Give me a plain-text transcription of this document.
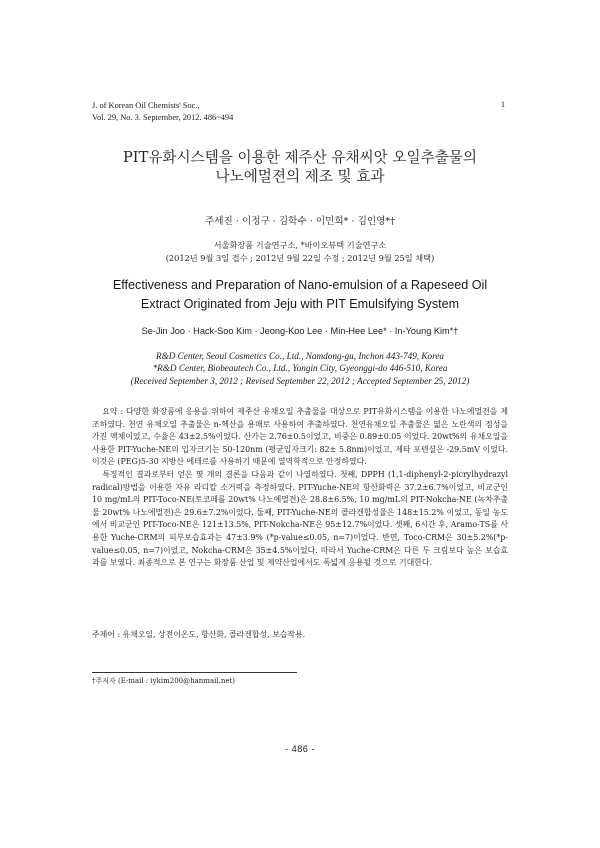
J. of Korean Oil Chemists' Soc.,
Vol. 29, No. 3. September, 2012. 486~494
1
PIT유화시스템을 이용한 제주산 유채씨앗 오일추출물의
나노에멀젼의 제조 및 효과
주세진 · 이정구 · 김학수 · 이민희* · 김인영*†
서울화장품 기술연구소, *바이오뷰텍 기술연구소
(2012년 9월 3일 접수 ; 2012년 9월 22일 수정 ; 2012년 9월 25일 채택)
Effectiveness and Preparation of Nano-emulsion of a Rapeseed Oil
Extract Originated from Jeju with PIT Emulsifying System
Se-Jin Joo · Hack-Soo Kim · Jeong-Koo Lee · Min-Hee Lee* · In-Young Kim*†
R&D Center, Seoul Cosmetics Co., Ltd., Namdong-gu, Inchon 443-749, Korea
*R&D Center, Biobeautech Co., Ltd., Yongin City, Gyeonggi-do 446-510, Korea
(Received September 3, 2012 ; Revised September 22, 2012 ; Accepted September 25, 2012)

요약 : 다양한 화장품에 응용을 위하여 제주산 유채오일 추출물을 대상으로 PIT유화시스템을 이용한 나노에멀젼을 제조하였다. 천연 유채오일 추출물은 n-헥산을 용매로 사용하여 추출하였다. 천연유채오일 추출물은 엷은 노란색의 점성을 가진 액체이었고, 수율은 43±2.5%이었다. 산가는 2.76±0.5이었고, 비중은 0.89±0.05 이었다. 20wt%의 유채오일을 사용한 PIT-Yuche-NE의 입자크기는 50-120nm (평균입자크기: 82± 5.8nm)이었고, 제타 포텐셜은 -29.5mV 이었다. 이것은 (PEG)5-30 지방산 에테르를 사용하기 때문에 열역학적으로 안정하였다.

특징적인 결과로부터 얻은 몇 개의 결론을 다음과 같이 나열하였다. 첫째, DPPH (1,1-diphenyl-2-picrylhydrazyl radical)방법을 이용한 자유 라디칼 소거력을 측정하였다. PIT-Yuche-NE의 항산화력은 37.2±6.7%이었고, 비교군인 10 mg/mL의 PIT-Toco-NE(토코페롤 20wt% 나노에멀젼)은 28.8±6.5%, 10 mg/mL의 PIT-Nokcha-NE (녹차추출물 20wt% 나노에멀젼)은 29.6±7.2%이었다. 둘째, PIT-Yuche-NE의 콜라겐합성율은 148±15.2% 이었고, 동일 농도에서 비교군인 PIT-Toco-NE은 121±13.5%, PIT-Nokcha-NE은 95±12.7%이었다. 셋째, 6시간 후, Aramo-TS를 사용한 Yuche-CRM의 피부보습효과는 47±3.9% (*p-value≤0.05, n=7)이었다. 반면, Toco-CRM은 30±5.2%(*p-value≤0.05, n=7)이었고, Nokcha-CRM은 35±4.5%이었다. 따라서 Yuche-CRM은 다른 두 크림보다 높은 보습효과를 보였다. 최종적으로 본 연구는 화장품 산업 및 제약산업에서도 폭넓게 응용될 것으로 기대한다.

주제어 : 유채오일, 상전이온도, 항산화, 콜라겐합성, 보습작용.
†주저자 (E-mail : iykim200@hanmail.net)
- 486 -
